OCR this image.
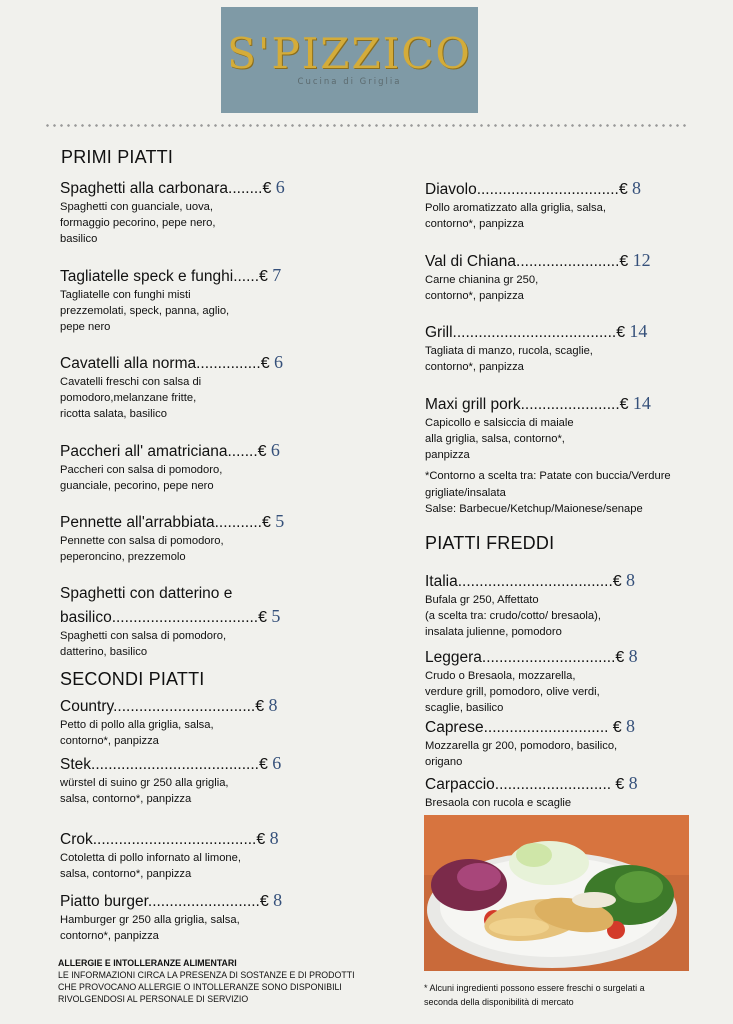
S'PIZZICO
Cucina di Griglia
PRIMI PIATTI
Spaghetti alla carbonara........€ 6
Spaghetti con guanciale, uova,
formaggio pecorino, pepe nero,
basilico
Tagliatelle speck e funghi......€ 7
Tagliatelle con funghi misti
prezzemolati, speck, panna, aglio,
pepe nero
Cavatelli alla norma...............€ 6
Cavatelli freschi con salsa di
pomodoro,melanzane fritte,
ricotta salata, basilico
Paccheri all' amatriciana.......€ 6
Paccheri con salsa di pomodoro,
guanciale, pecorino, pepe nero
Pennette all'arrabbiata...........€ 5
Pennette con salsa di pomodoro,
peperoncino, prezzemolo
Spaghetti con datterino e
basilico..................................€ 5
Spaghetti con salsa di pomodoro,
datterino, basilico
SECONDI PIATTI
Country.................................€ 8
Petto di pollo alla griglia, salsa,
contorno*, panpizza
Stek.......................................€ 6
würstel di suino gr 250 alla griglia,
salsa, contorno*, panpizza
Crok......................................€ 8
Cotoletta di pollo infornato al limone,
salsa, contorno*, panpizza
Piatto burger..........................€ 8
Hamburger gr 250 alla griglia, salsa,
contorno*, panpizza
Diavolo.................................€ 8
Pollo aromatizzato alla griglia, salsa,
contorno*, panpizza
Val di Chiana........................€ 12
Carne chianina gr 250,
contorno*, panpizza
Grill......................................€ 14
Tagliata di manzo, rucola, scaglie,
contorno*, panpizza
Maxi grill pork.......................€ 14
Capicollo e salsiccia di maiale
alla griglia, salsa, contorno*,
panpizza
*Contorno a scelta tra: Patate con buccia/Verdure
grigliate/insalata
Salse: Barbecue/Ketchup/Maionese/senape
PIATTI FREDDI
Italia....................................€ 8
Bufala gr 250, Affettato
(a scelta tra: crudo/cotto/ bresaola),
insalata julienne, pomodoro
Leggera...............................€ 8
Crudo o Bresaola, mozzarella,
verdure grill, pomodoro, olive verdi,
scaglie, basilico
Caprese............................. € 8
Mozzarella gr 200, pomodoro, basilico,
origano
Carpaccio........................... € 8
Bresaola con rucola e scaglie
ALLERGIE E INTOLLERANZE ALIMENTARI
LE INFORMAZIONI CIRCA LA PRESENZA DI SOSTANZE E DI PRODOTTI
CHE PROVOCANO ALLERGIE O INTOLLERANZE SONO DISPONIBILI
RIVOLGENDOSI AL PERSONALE DI SERVIZIO
* Alcuni ingredienti possono essere freschi o surgelati a
seconda della disponibilità di mercato
